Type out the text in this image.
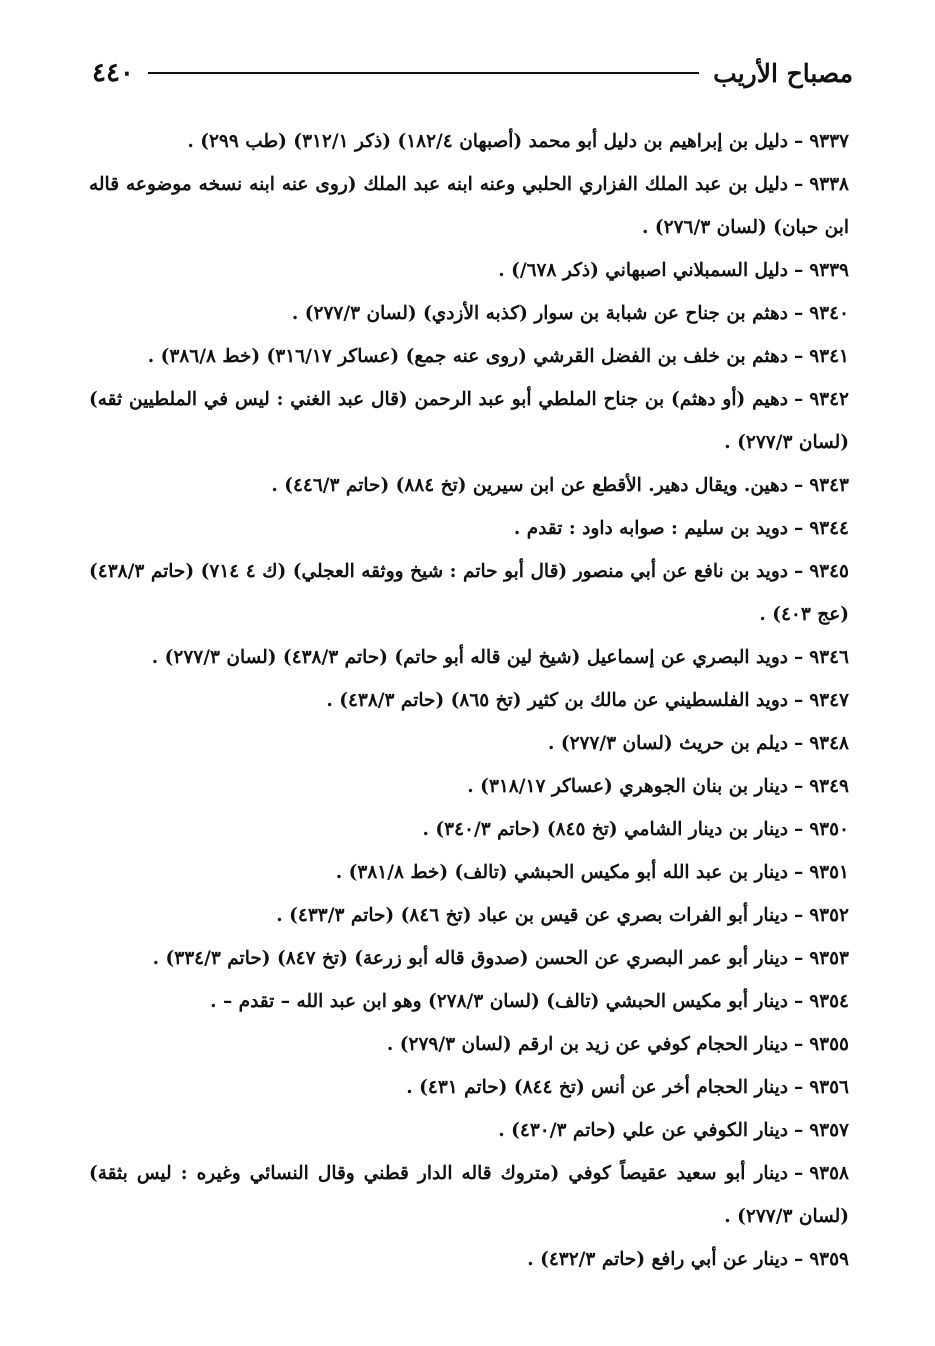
مصباح الأريب
٤٤٠
٩٣٣٧–دليل بن إبراهيم بن دليل أبو محمد (أصبهان ١٨٢/٤) (ذكر ٣١٢/١) (طب ٢٩٩) .
٩٣٣٨–دليل بن عبد الملك الفزاري الحلبي وعنه ابنه عبد الملك (روى عنه ابنه نسخه موضوعه قاله ابن حبان) (لسان ٢٧٦/٣) .
٩٣٣٩–دليل السمبلاني اصبهاني (ذكر ٦٧٨/) .
٩٣٤٠–دهثم بن جناح عن شبابة بن سوار (كذبه الأزدي) (لسان ٢٧٧/٣) .
٩٣٤١–دهثم بن خلف بن الفضل القرشي (روى عنه جمع) (عساكر ٣١٦/١٧) (خط ٣٨٦/٨) .
٩٣٤٢–دهيم (أو دهثم) بن جناح الملطي أبو عبد الرحمن (قال عبد الغني : ليس في الملطيين ثقه) (لسان ٢٧٧/٣) .
٩٣٤٣–دهين. ويقال دهير. الأقطع عن ابن سيرين (تخ ٨٨٤) (حاتم ٤٤٦/٣) .
٩٣٤٤–دويد بن سليم : صوابه داود : تقدم .
٩٣٤٥–دويد بن نافع عن أبي منصور (قال أبو حاتم : شيخ ووثقه العجلي) (ك ٤ ٧١٤) (حاتم ٤٣٨/٣) (عج ٤٠٣) .
٩٣٤٦–دويد البصري عن إسماعيل (شيخ لين قاله أبو حاتم) (حاتم ٤٣٨/٣) (لسان ٢٧٧/٣) .
٩٣٤٧–دويد الفلسطيني عن مالك بن كثير (تخ ٨٦٥) (حاتم ٤٣٨/٣) .
٩٣٤٨–ديلم بن حريث (لسان ٢٧٧/٣) .
٩٣٤٩–دينار بن بنان الجوهري (عساكر ٣١٨/١٧) .
٩٣٥٠–دينار بن دينار الشامي (تخ ٨٤٥) (حاتم ٣٤٠/٣) .
٩٣٥١–دينار بن عبد الله أبو مكيس الحبشي (تالف) (خط ٣٨١/٨) .
٩٣٥٢–دينار أبو الفرات بصري عن قيس بن عباد (تخ ٨٤٦) (حاتم ٤٣٣/٣) .
٩٣٥٣–دينار أبو عمر البصري عن الحسن (صدوق قاله أبو زرعة) (تخ ٨٤٧) (حاتم ٣٣٤/٣) .
٩٣٥٤–دينار أبو مكيس الحبشي (تالف) (لسان ٢٧٨/٣) وهو ابن عبد الله – تقدم – .
٩٣٥٥–دينار الحجام كوفي عن زيد بن ارقم (لسان ٢٧٩/٣) .
٩٣٥٦–دينار الحجام أخر عن أنس (تخ ٨٤٤) (حاتم ٤٣١) .
٩٣٥٧–دينار الكوفي عن علي (حاتم ٤٣٠/٣) .
٩٣٥٨–دينار أبو سعيد عقيصاً كوفي (متروك قاله الدار قطني وقال النسائي وغيره : ليس بثقة) (لسان ٢٧٧/٣) .
٩٣٥٩–دينار عن أبي رافع (حاتم ٤٣٢/٣) .
